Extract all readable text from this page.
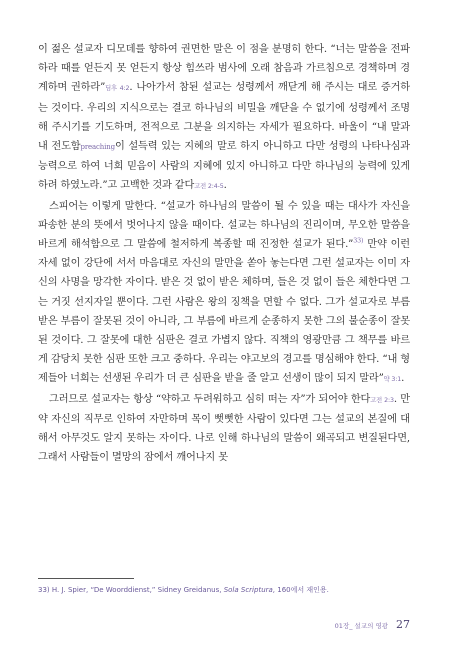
이 젊은 설교자 디모데를 향하여 권면한 말은 이 점을 분명히 한다. “너는 말씀을 전파하라 때를 얻든지 못 얻든지 항상 힘쓰라 범사에 오래 참음과 가르침으로 경책하며 경계하며 권하라”딤후 4:2. 나아가서 참된 설교는 성령께서 깨닫게 해 주시는 대로 증거하는 것이다. 우리의 지식으로는 결코 하나님의 비밀을 깨닫을 수 없기에 성령께서 조명해 주시기를 기도하며, 전적으로 그분을 의지하는 자세가 필요하다. 바울이 “내 말과 내 전도함preaching이 설득력 있는 지혜의 말로 하지 아니하고 다만 성령의 나타나심과 능력으로 하여 너희 믿음이 사람의 지혜에 있지 아니하고 다만 하나님의 능력에 있게 하려 하였노라.”고 고백한 것과 같다고전 2:4-5.

스피어는 이렇게 말한다. “설교가 하나님의 말씀이 될 수 있을 때는 대사가 자신을 파송한 분의 뜻에서 벗어나지 않을 때이다. 설교는 하나님의 진리이며, 무오한 말씀을 바르게 해석함으로 그 말씀에 철저하게 복종할 때 진정한 설교가 된다.”$^{33)}$ 만약 이런 자세 없이 강단에 서서 마음대로 자신의 말만을 쏟아 놓는다면 그런 설교자는 이미 자신의 사명을 망각한 자이다. 받은 것 없이 받은 체하며, 들은 것 없이 들은 체한다면 그는 거짓 선지자일 뿐이다. 그런 사람은 왕의 징책을 면할 수 없다. 그가 설교자로 부름 받은 부름이 잘못된 것이 아니라, 그 부름에 바르게 순종하지 못한 그의 불순종이 잘못된 것이다. 그 잘못에 대한 심판은 결코 가볍지 않다. 직책의 영광만큼 그 책무를 바르게 감당치 못한 심판 또한 크고 중하다. 우리는 야고보의 경고를 명심해야 한다. “내 형제들아 너희는 선생된 우리가 더 큰 심판을 받을 줄 알고 선생이 많이 되지 말라”약 3:1.

그러므로 설교자는 항상 “약하고 두려워하고 심히 떠는 자”가 되어야 한다고전 2:3. 만약 자신의 직무로 인하여 자만하며 목이 뻣뻣한 사람이 있다면 그는 설교의 본질에 대해서 아무것도 알지 못하는 자이다. 나로 인해 하나님의 말씀이 왜곡되고 변질된다면, 그래서 사람들이 멸망의 잠에서 깨어나지 못

33) H. J. Spier, “De Woorddienst,” Sidney Greidanus, Sola Scriptura, 160에서 재인용.
01장_ 설교의 영광 27
